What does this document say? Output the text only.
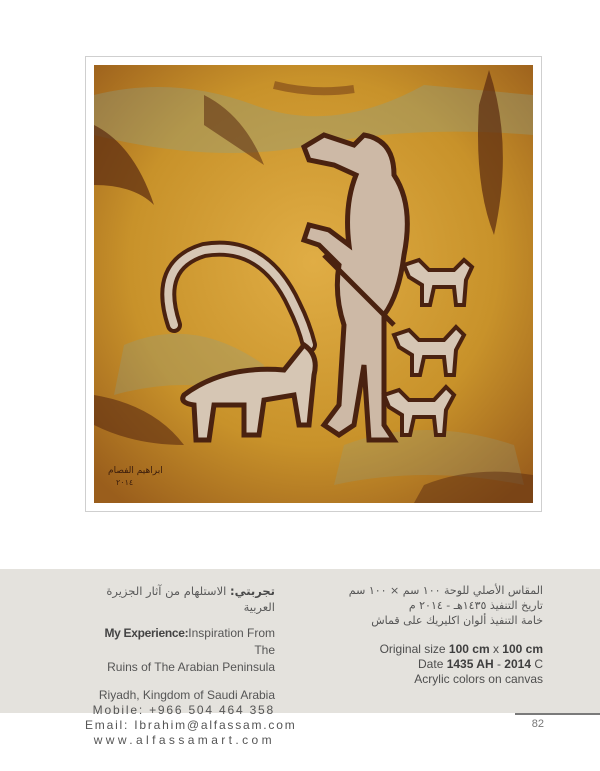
ابراهيم الفصام
٢٠١٤
تجربتي: الاستلهام من آثار الجزيرة العربية
My Experience:Inspiration From The
Ruins of The Arabian Peninsula
Riyadh, Kingdom of Saudi Arabia
Mobile: +966 504 464 358
Email: Ibrahim@alfassam.com
www.alfassamart.com
المقاس الأصلي للوحة ١٠٠ سم × ١٠٠ سم
تاريخ التنفيذ ١٤٣٥هـ - ٢٠١٤ م
خامة التنفيذ ألوان اكليريك على قماش
Original size 100 cm x 100 cm
Date 1435 AH - 2014 C
Acrylic colors on canvas
82
